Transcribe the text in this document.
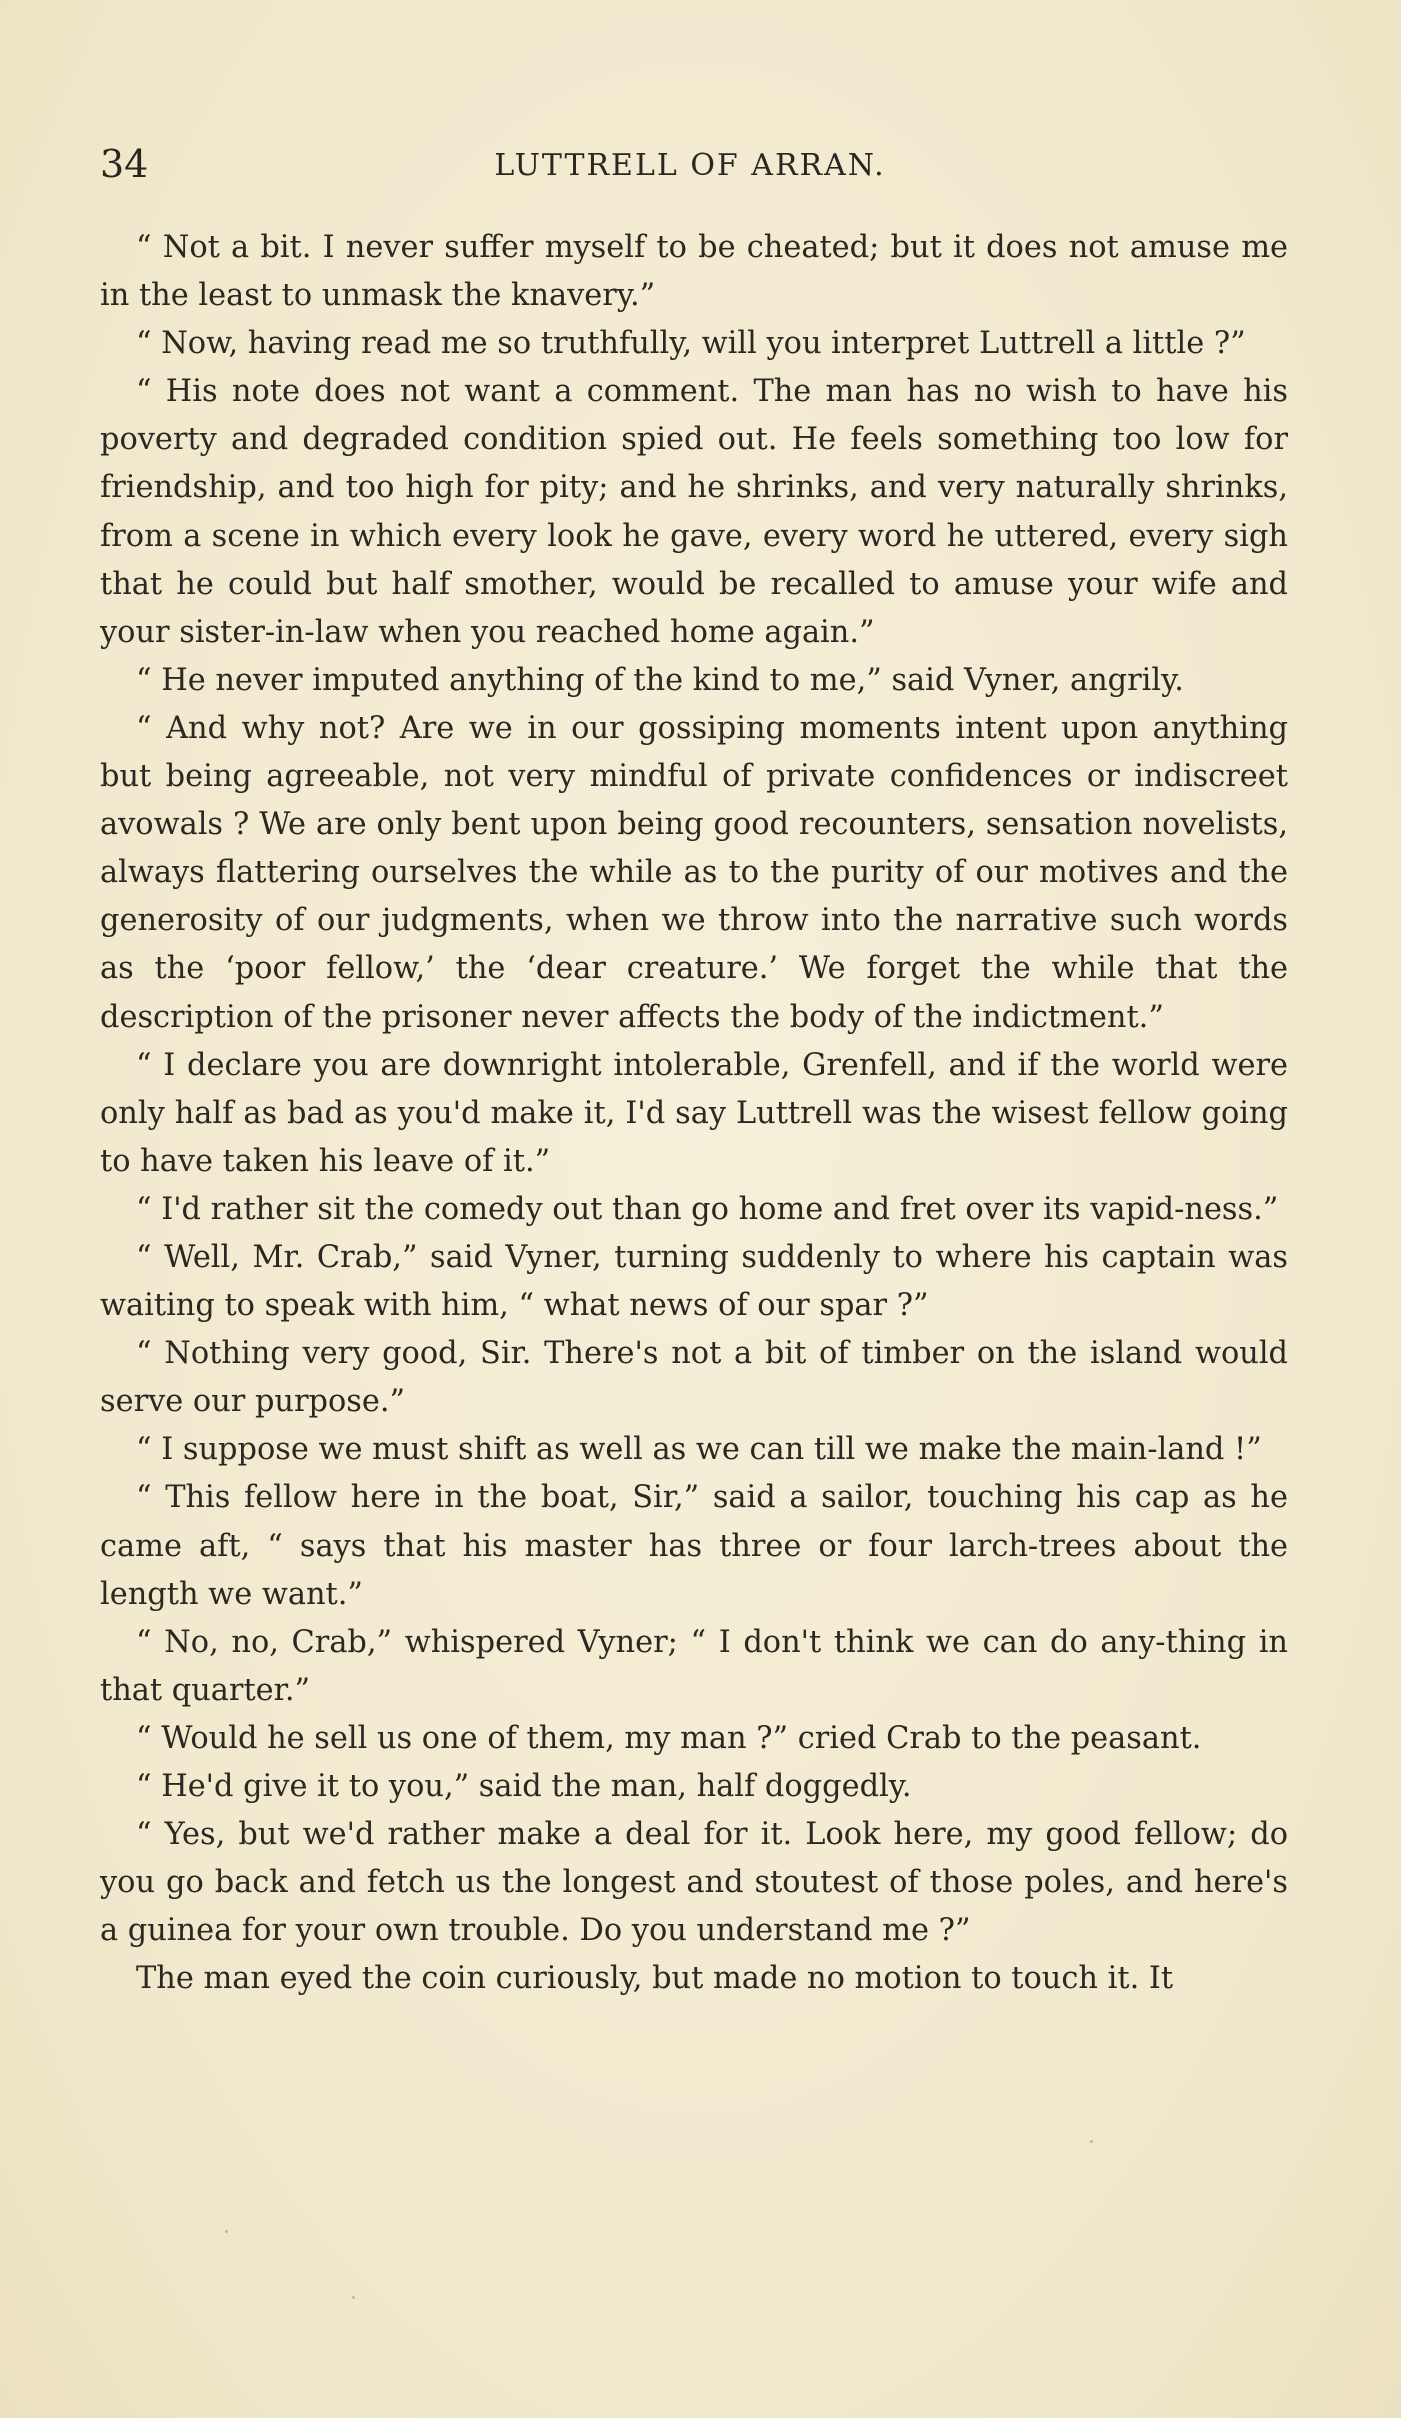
34	LUTTRELL OF ARRAN.

“ Not a bit. I never suffer myself to be cheated; but it does not amuse me in the least to unmask the knavery.”

“ Now, having read me so truthfully, will you interpret Luttrell a little ?”

“ His note does not want a comment. The man has no wish to have his poverty and degraded condition spied out. He feels something too low for friendship, and too high for pity; and he shrinks, and very naturally shrinks, from a scene in which every look he gave, every word he uttered, every sigh that he could but half smother, would be recalled to amuse your wife and your sister-in-law when you reached home again.”

“ He never imputed anything of the kind to me,” said Vyner, angrily.

“ And why not? Are we in our gossiping moments intent upon anything but being agreeable, not very mindful of private confidences or indiscreet avowals ? We are only bent upon being good recounters, sensation novelists, always flattering ourselves the while as to the purity of our motives and the generosity of our judgments, when we throw into the narrative such words as the ‘poor fellow,’ the ‘dear creature.’ We forget the while that the description of the prisoner never affects the body of the indictment.”

“ I declare you are downright intolerable, Grenfell, and if the world were only half as bad as you'd make it, I'd say Luttrell was the wisest fellow going to have taken his leave of it.”

“ I'd rather sit the comedy out than go home and fret over its vapid-ness.”

“ Well, Mr. Crab,” said Vyner, turning suddenly to where his captain was waiting to speak with him, “ what news of our spar ?”

“ Nothing very good, Sir. There's not a bit of timber on the island would serve our purpose.”

“ I suppose we must shift as well as we can till we make the main-land !”

“ This fellow here in the boat, Sir,” said a sailor, touching his cap as he came aft, “ says that his master has three or four larch-trees about the length we want.”

“ No, no, Crab,” whispered Vyner; “ I don't think we can do any-thing in that quarter.”

“ Would he sell us one of them, my man ?” cried Crab to the peasant.

“ He'd give it to you,” said the man, half doggedly.

“ Yes, but we'd rather make a deal for it. Look here, my good fellow; do you go back and fetch us the longest and stoutest of those poles, and here's a guinea for your own trouble. Do you understand me ?”

The man eyed the coin curiously, but made no motion to touch it. It
